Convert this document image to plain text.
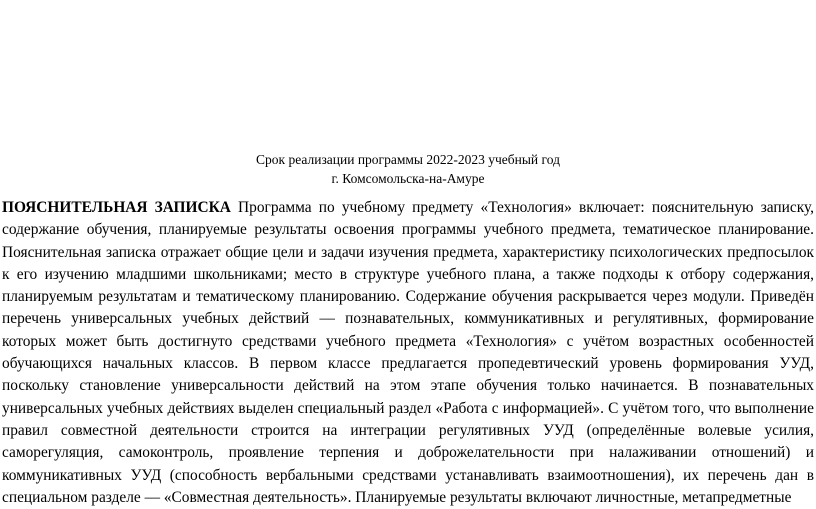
Срок реализации программы 2022-2023 учебный год
г. Комсомольска-на-Амуре

ПОЯСНИТЕЛЬНАЯ ЗАПИСКА Программа по учебному предмету «Технология» включает: пояснительную записку, содержание обучения, планируемые результаты освоения программы учебного предмета, тематическое планирование. Пояснительная записка отражает общие цели и задачи изучения предмета, характеристику психологических предпосылок к его изучению младшими школьниками; место в структуре учебного плана, а также подходы к отбору содержания, планируемым результатам и тематическому планированию. Содержание обучения раскрывается через модули. Приведён перечень универсальных учебных действий — познавательных, коммуникативных и регулятивных, формирование которых может быть достигнуто средствами учебного предмета «Технология» с учётом возрастных особенностей обучающихся начальных классов. В первом классе предлагается пропедевтический уровень формирования УУД, поскольку становление универсальности действий на этом этапе обучения только начинается. В познавательных универсальных учебных действиях выделен специальный раздел «Работа с информацией». С учётом того, что выполнение правил совместной деятельности строится на интеграции регулятивных УУД (определённые волевые усилия, саморегуляция, самоконтроль, проявление терпения и доброжелательности при налаживании отношений) и коммуникативных УУД (способность вербальными средствами устанавливать взаимоотношения), их перечень дан в специальном разделе — «Совместная деятельность». Планируемые результаты включают личностные, метапредметные
